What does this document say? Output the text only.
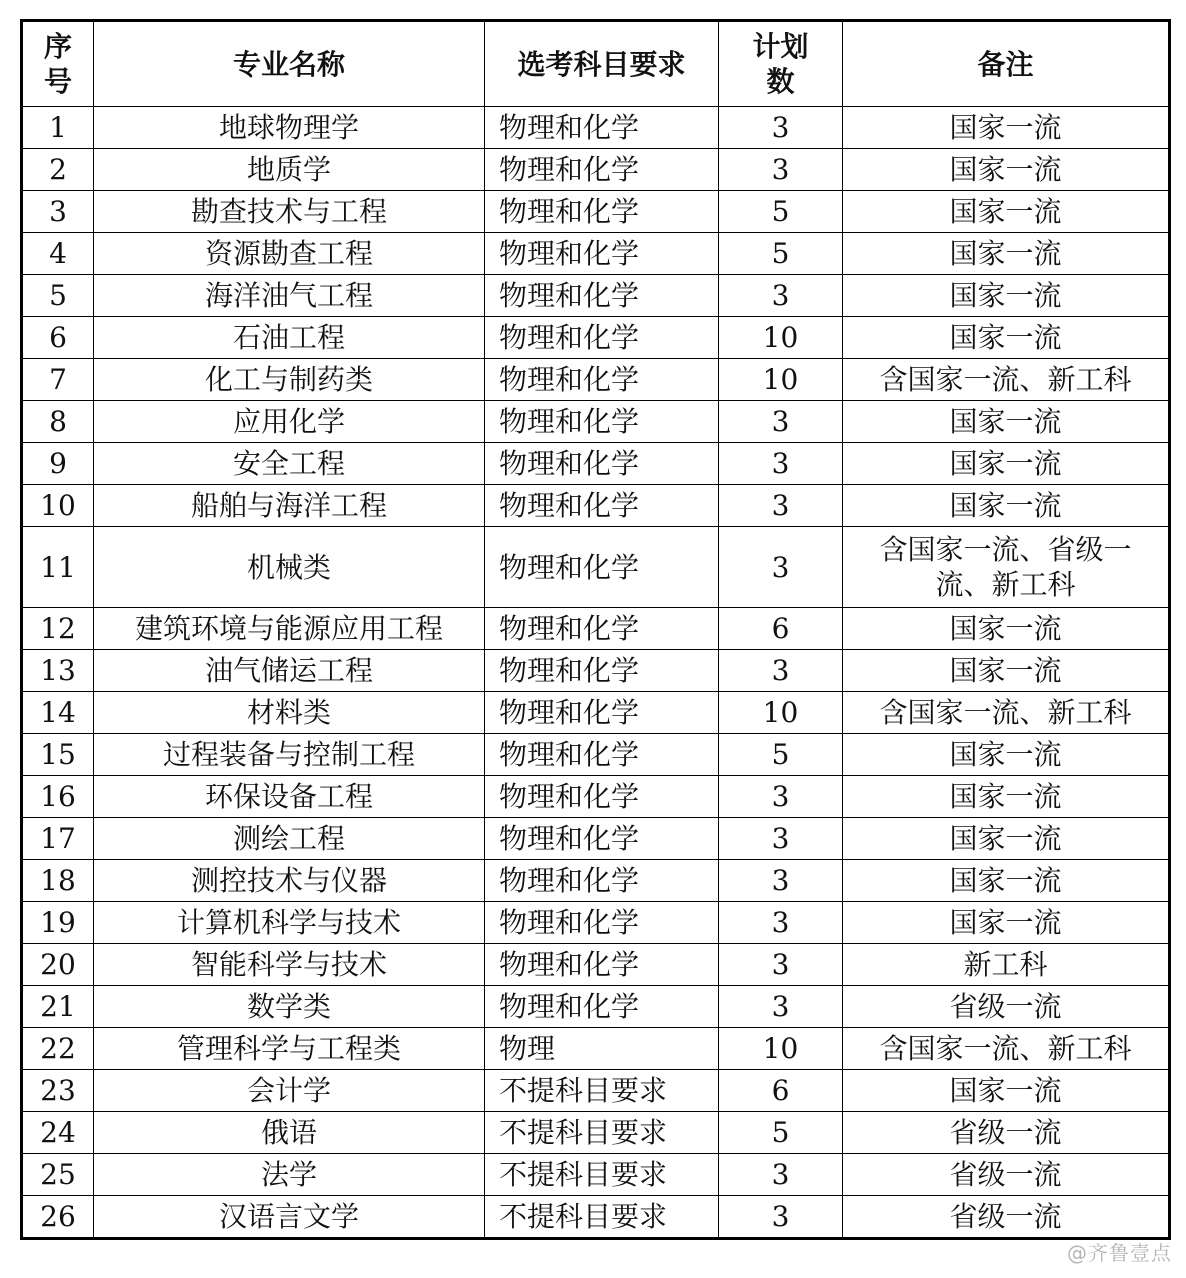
序号	专业名称	选考科目要求	计划数	备注
1	地球物理学	物理和化学	3	国家一流
2	地质学	物理和化学	3	国家一流
3	勘查技术与工程	物理和化学	5	国家一流
4	资源勘查工程	物理和化学	5	国家一流
5	海洋油气工程	物理和化学	3	国家一流
6	石油工程	物理和化学	10	国家一流
7	化工与制药类	物理和化学	10	含国家一流、新工科
8	应用化学	物理和化学	3	国家一流
9	安全工程	物理和化学	3	国家一流
10	船舶与海洋工程	物理和化学	3	国家一流
11	机械类	物理和化学	3	含国家一流、省级一流、新工科
12	建筑环境与能源应用工程	物理和化学	6	国家一流
13	油气储运工程	物理和化学	3	国家一流
14	材料类	物理和化学	10	含国家一流、新工科
15	过程装备与控制工程	物理和化学	5	国家一流
16	环保设备工程	物理和化学	3	国家一流
17	测绘工程	物理和化学	3	国家一流
18	测控技术与仪器	物理和化学	3	国家一流
19	计算机科学与技术	物理和化学	3	国家一流
20	智能科学与技术	物理和化学	3	新工科
21	数学类	物理和化学	3	省级一流
22	管理科学与工程类	物理	10	含国家一流、新工科
23	会计学	不提科目要求	6	国家一流
24	俄语	不提科目要求	5	省级一流
25	法学	不提科目要求	3	省级一流
26	汉语言文学	不提科目要求	3	省级一流
@齐鲁壹点
